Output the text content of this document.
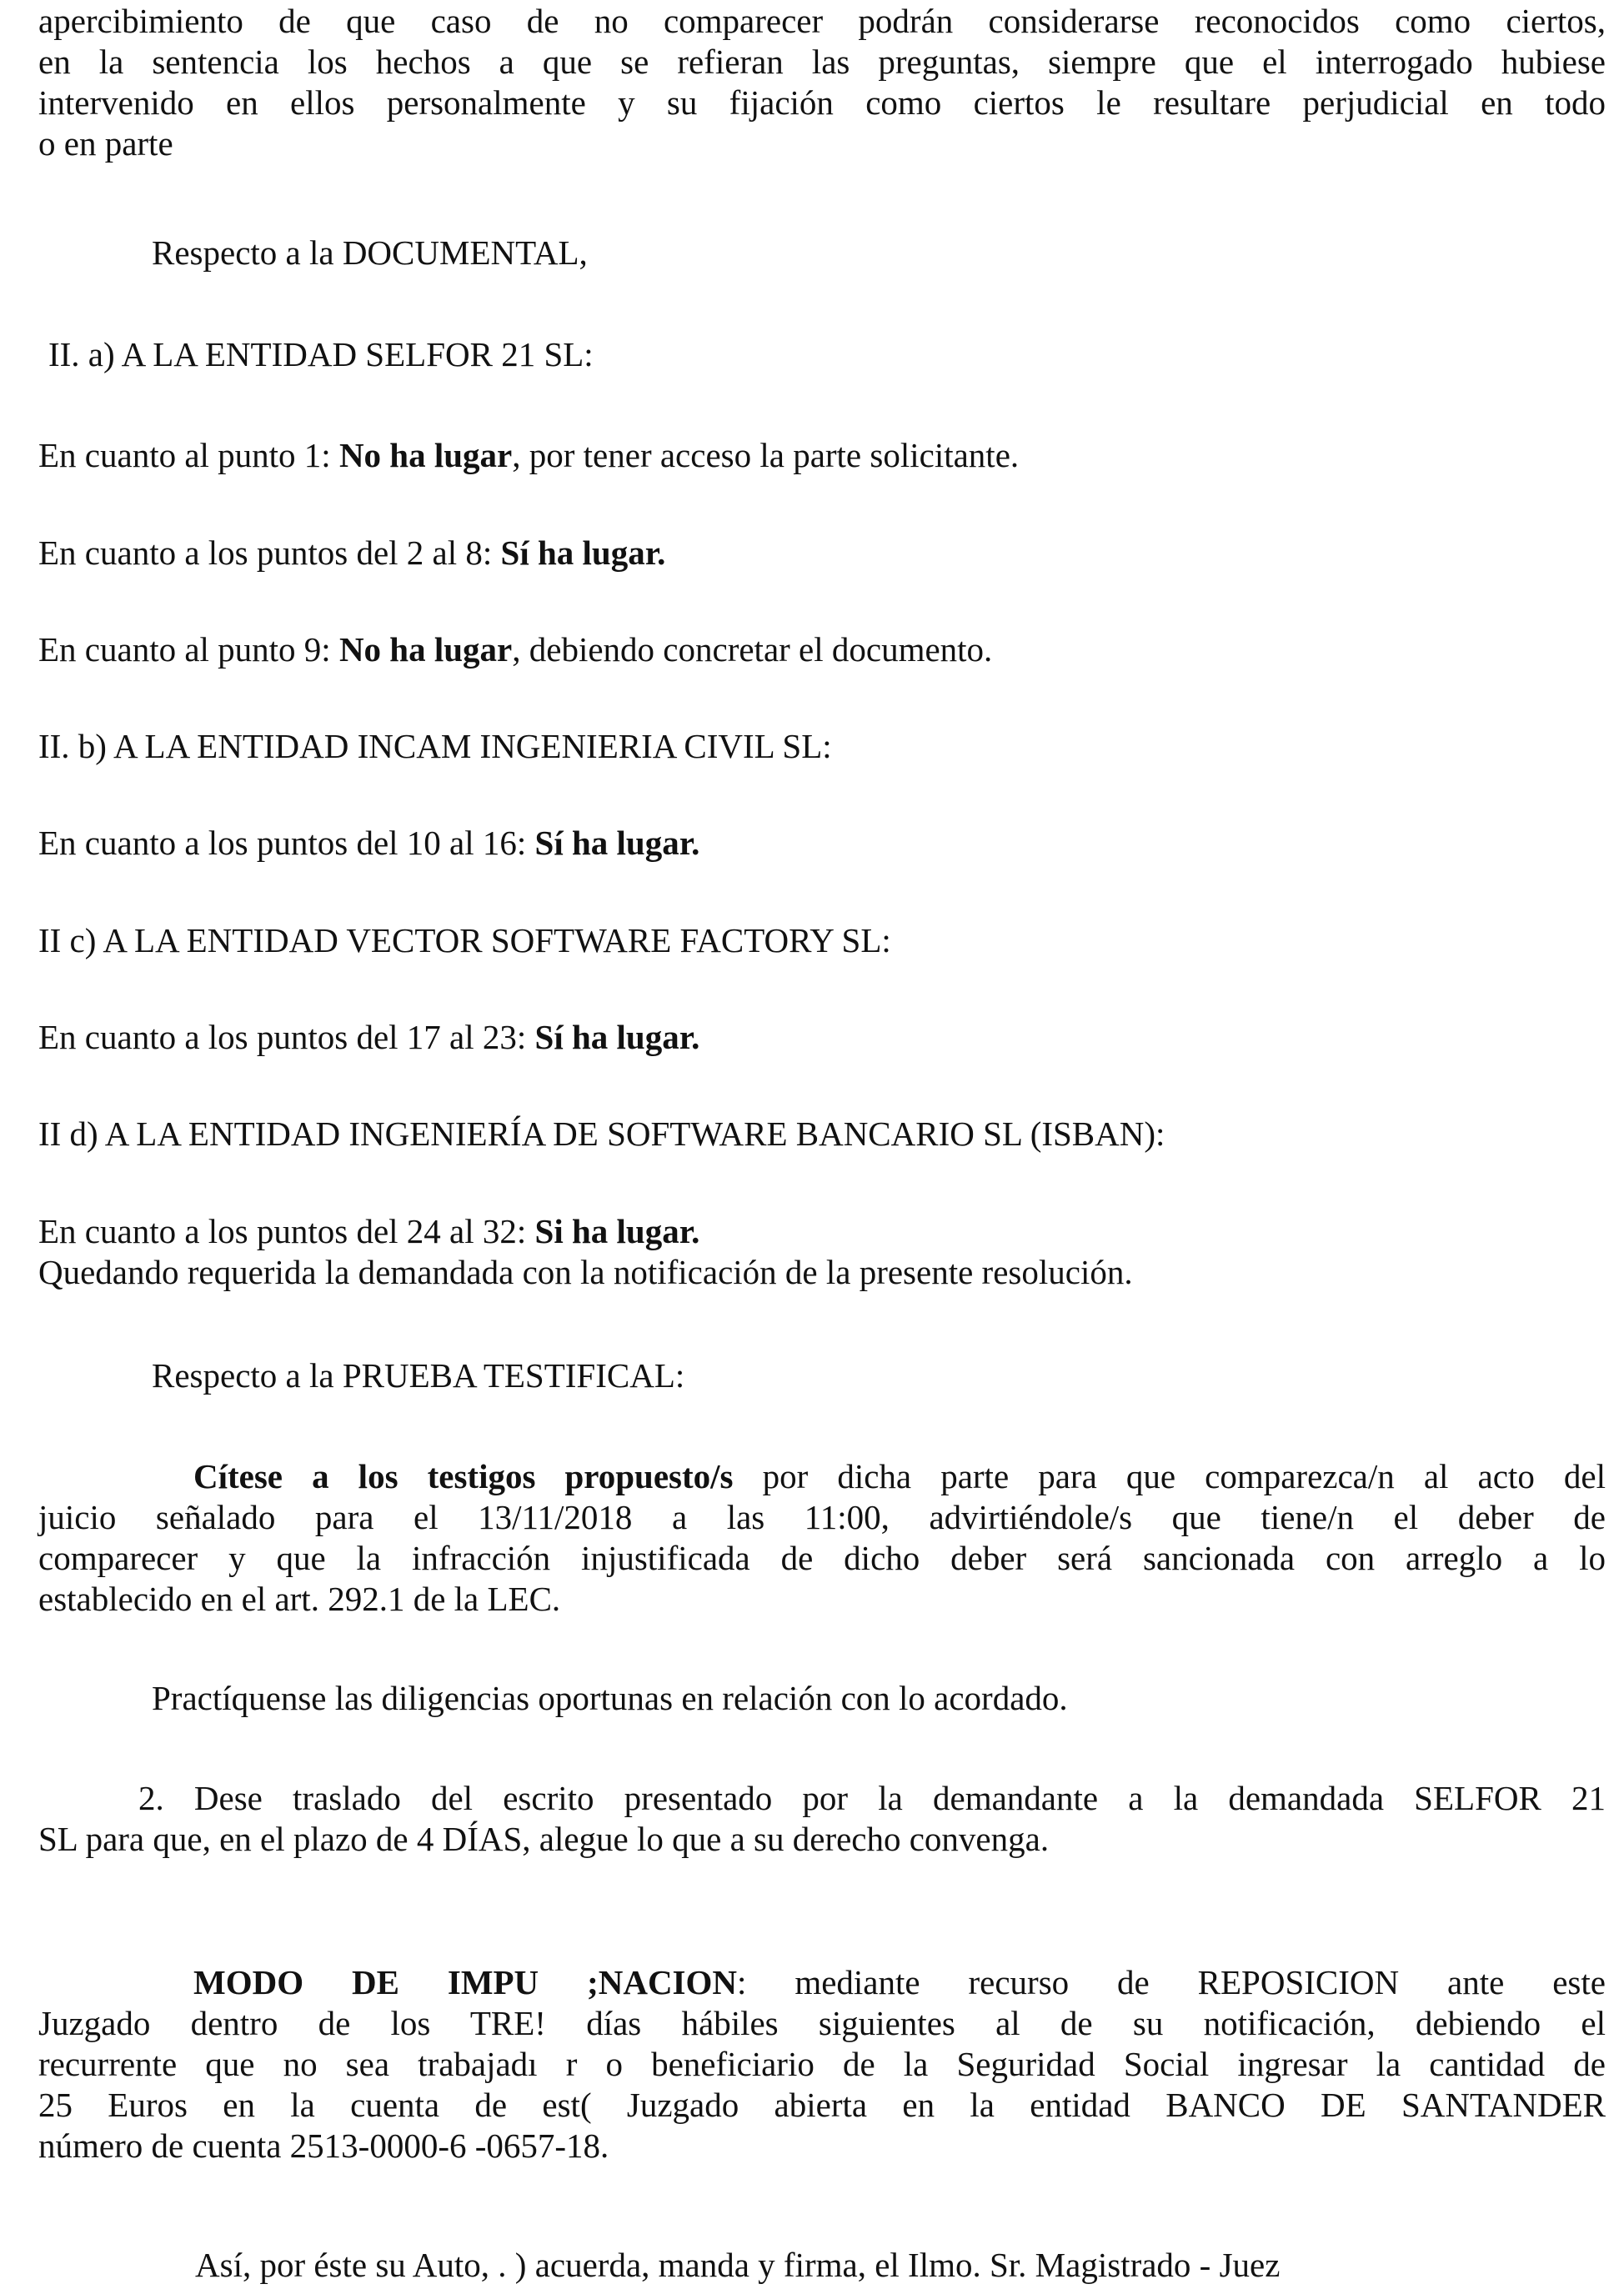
apercibimiento de que caso de no comparecer podrán considerarse reconocidos como ciertos,

en la sentencia los hechos a que se refieran las preguntas, siempre que el interrogado hubiese

intervenido en ellos personalmente y su fijación como ciertos le resultare perjudicial en todo

o en parte

Respecto a la DOCUMENTAL,

II. a) A LA ENTIDAD SELFOR 21 SL:

En cuanto al punto 1: No ha lugar, por tener acceso la parte solicitante.

En cuanto a los puntos del 2 al 8: Sí ha lugar.

En cuanto al punto 9: No ha lugar, debiendo concretar el documento.

II. b) A LA ENTIDAD INCAM INGENIERIA CIVIL SL:

En cuanto a los puntos del 10 al 16: Sí ha lugar.

II c) A LA ENTIDAD VECTOR SOFTWARE FACTORY SL:

En cuanto a los puntos del 17 al 23: Sí ha lugar.

II d) A LA ENTIDAD INGENIERÍA DE SOFTWARE BANCARIO SL (ISBAN):

En cuanto a los puntos del 24 al 32: Si ha lugar.

Quedando requerida la demandada con la notificación de la presente resolución.

Respecto a la PRUEBA TESTIFICAL:

Cítese a los testigos propuesto/s por dicha parte para que comparezca/n al acto del

juicio señalado para el 13/11/2018 a las 11:00, advirtiéndole/s que tiene/n el deber de

comparecer y que la infracción injustificada de dicho deber será sancionada con arreglo a lo

establecido en el art. 292.1 de la LEC.

Practíquense las diligencias oportunas en relación con lo acordado.

2. Dese traslado del escrito presentado por la demandante a la demandada SELFOR 21

SL para que, en el plazo de 4 DÍAS, alegue lo que a su derecho convenga.

MODO DE IMPU ;NACION: mediante recurso de REPOSICION ante este

Juzgado dentro de los TRE! días hábiles siguientes al de su notificación, debiendo el

recurrente que no sea trabajadı r o beneficiario de la Seguridad Social ingresar la cantidad de

25 Euros en la cuenta de est( Juzgado abierta en la entidad BANCO DE SANTANDER

número de cuenta 2513-0000-6 -0657-18.

Así, por éste su Auto, . ) acuerda, manda y firma, el Ilmo. Sr. Magistrado - Juez
